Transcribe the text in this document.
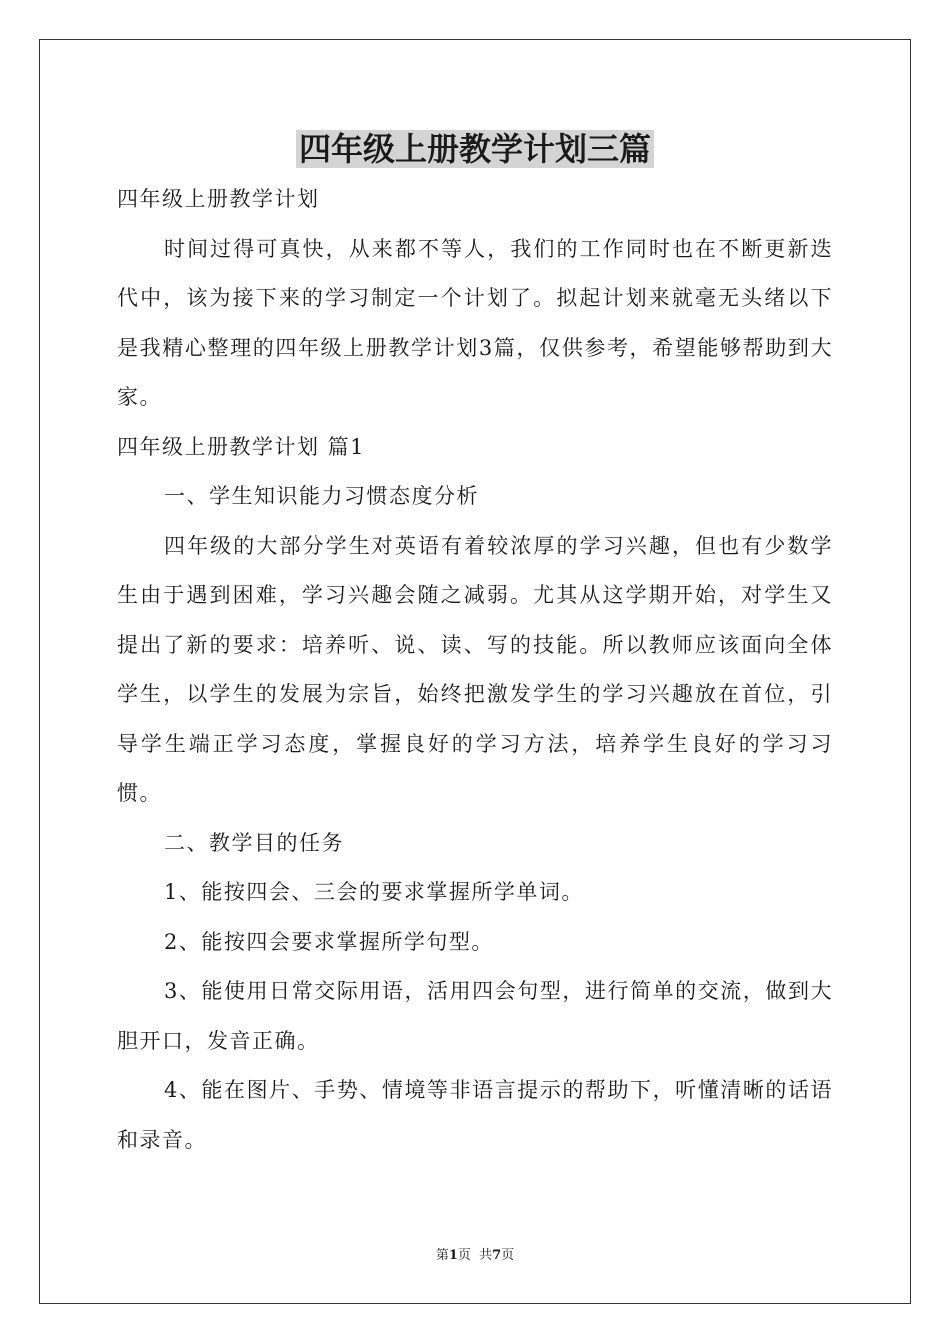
四年级上册教学计划三篇

四年级上册教学计划

时间过得可真快，从来都不等人，我们的工作同时也在不断更新迭代中，该为接下来的学习制定一个计划了。拟起计划来就毫无头绪以下是我精心整理的四年级上册教学计划3篇，仅供参考，希望能够帮助到大家。

四年级上册教学计划 篇1

一、学生知识能力习惯态度分析

四年级的大部分学生对英语有着较浓厚的学习兴趣，但也有少数学生由于遇到困难，学习兴趣会随之减弱。尤其从这学期开始，对学生又提出了新的要求：培养听、说、读、写的技能。所以教师应该面向全体学生，以学生的发展为宗旨，始终把激发学生的学习兴趣放在首位，引导学生端正学习态度，掌握良好的学习方法，培养学生良好的学习习惯。

二、教学目的任务

1、能按四会、三会的要求掌握所学单词。

2、能按四会要求掌握所学句型。

3、能使用日常交际用语，活用四会句型，进行简单的交流，做到大胆开口，发音正确。

4、能在图片、手势、情境等非语言提示的帮助下，听懂清晰的话语和录音。

第1页 共7页
